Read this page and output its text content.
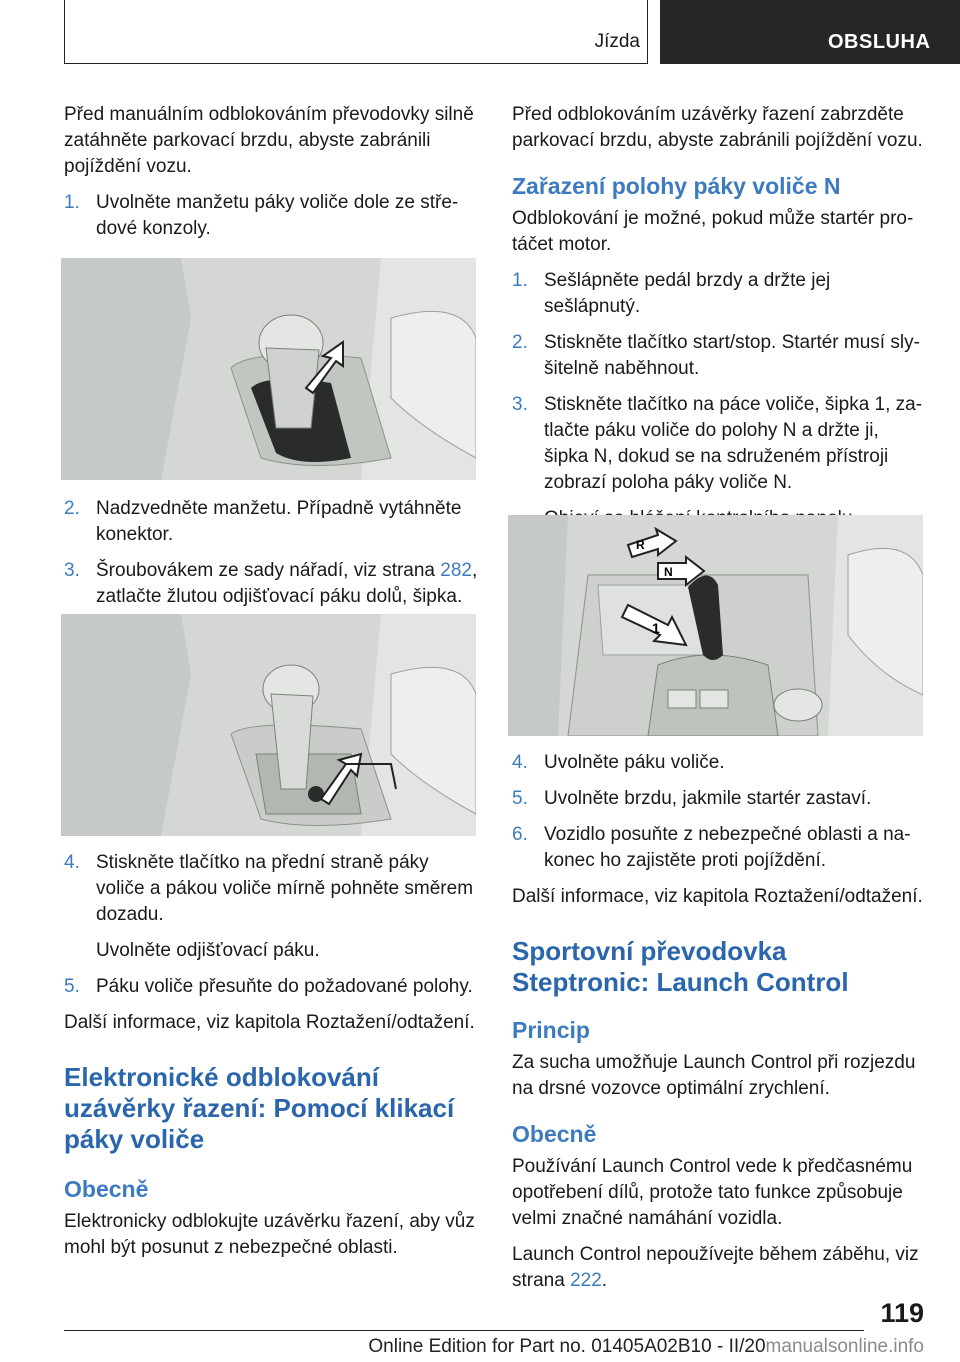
Jízda	OBSLUHA

Před manuálním odblokováním převodovky silně zatáhněte parkovací brzdu, abyste zabránili pojíždění vozu.

1. Uvolněte manžetu páky voliče dole ze středové konzoly.
2. Nadzvedněte manžetu. Případně vytáhněte konektor.
3. Šroubovákem ze sady nářadí, viz strana 282, zatlačte žlutou odjišťovací páku dolů, šipka.
4. Stiskněte tlačítko na přední straně páky voliče a pákou voliče mírně pohněte směrem dozadu.
Uvolněte odjišťovací páku.
5. Páku voliče přesuňte do požadované polohy.

Další informace, viz kapitola Roztažení/odtažení.

Elektronické odblokování uzávěrky řazení: Pomocí klikací páky voliče
Obecně

Elektronicky odblokujte uzávěrku řazení, aby vůz mohl být posunut z nebezpečné oblasti.

Před odblokováním uzávěrky řazení zabrzděte parkovací brzdu, abyste zabránili pojíždění vozu.

Zařazení polohy páky voliče N

Odblokování je možné, pokud může startér protáčet motor.

1. Sešlápněte pedál brzdy a držte jej sešlápnutý.
2. Stiskněte tlačítko start/stop. Startér musí slyšitelně naběhnout.
3. Stiskněte tlačítko na páce voliče, šipka 1, zatlačte páku voliče do polohy N a držte ji, šipka N, dokud se na sdruženém přístroji zobrazí poloha páky voliče N.
R
N
1
4. Uvolněte páku voliče.
5. Uvolněte brzdu, jakmile startér zastaví.
6. Vozidlo posuňte z nebezpečné oblasti a nakonec ho zajistěte proti pojíždění.

Další informace, viz kapitola Roztažení/odtažení.

Sportovní převodovka Steptronic: Launch Control
Princip

Za sucha umožňuje Launch Control při rozjezdu na drsné vozovce optimální zrychlení.

Obecně

Používání Launch Control vede k předčasnému opotřebení dílů, protože tato funkce způsobuje velmi značné namáhání vozidla.

Launch Control nepoužívejte během záběhu, viz strana 222.

119
Online Edition for Part no. 01405A02B10 - II/20manualsonline.info
